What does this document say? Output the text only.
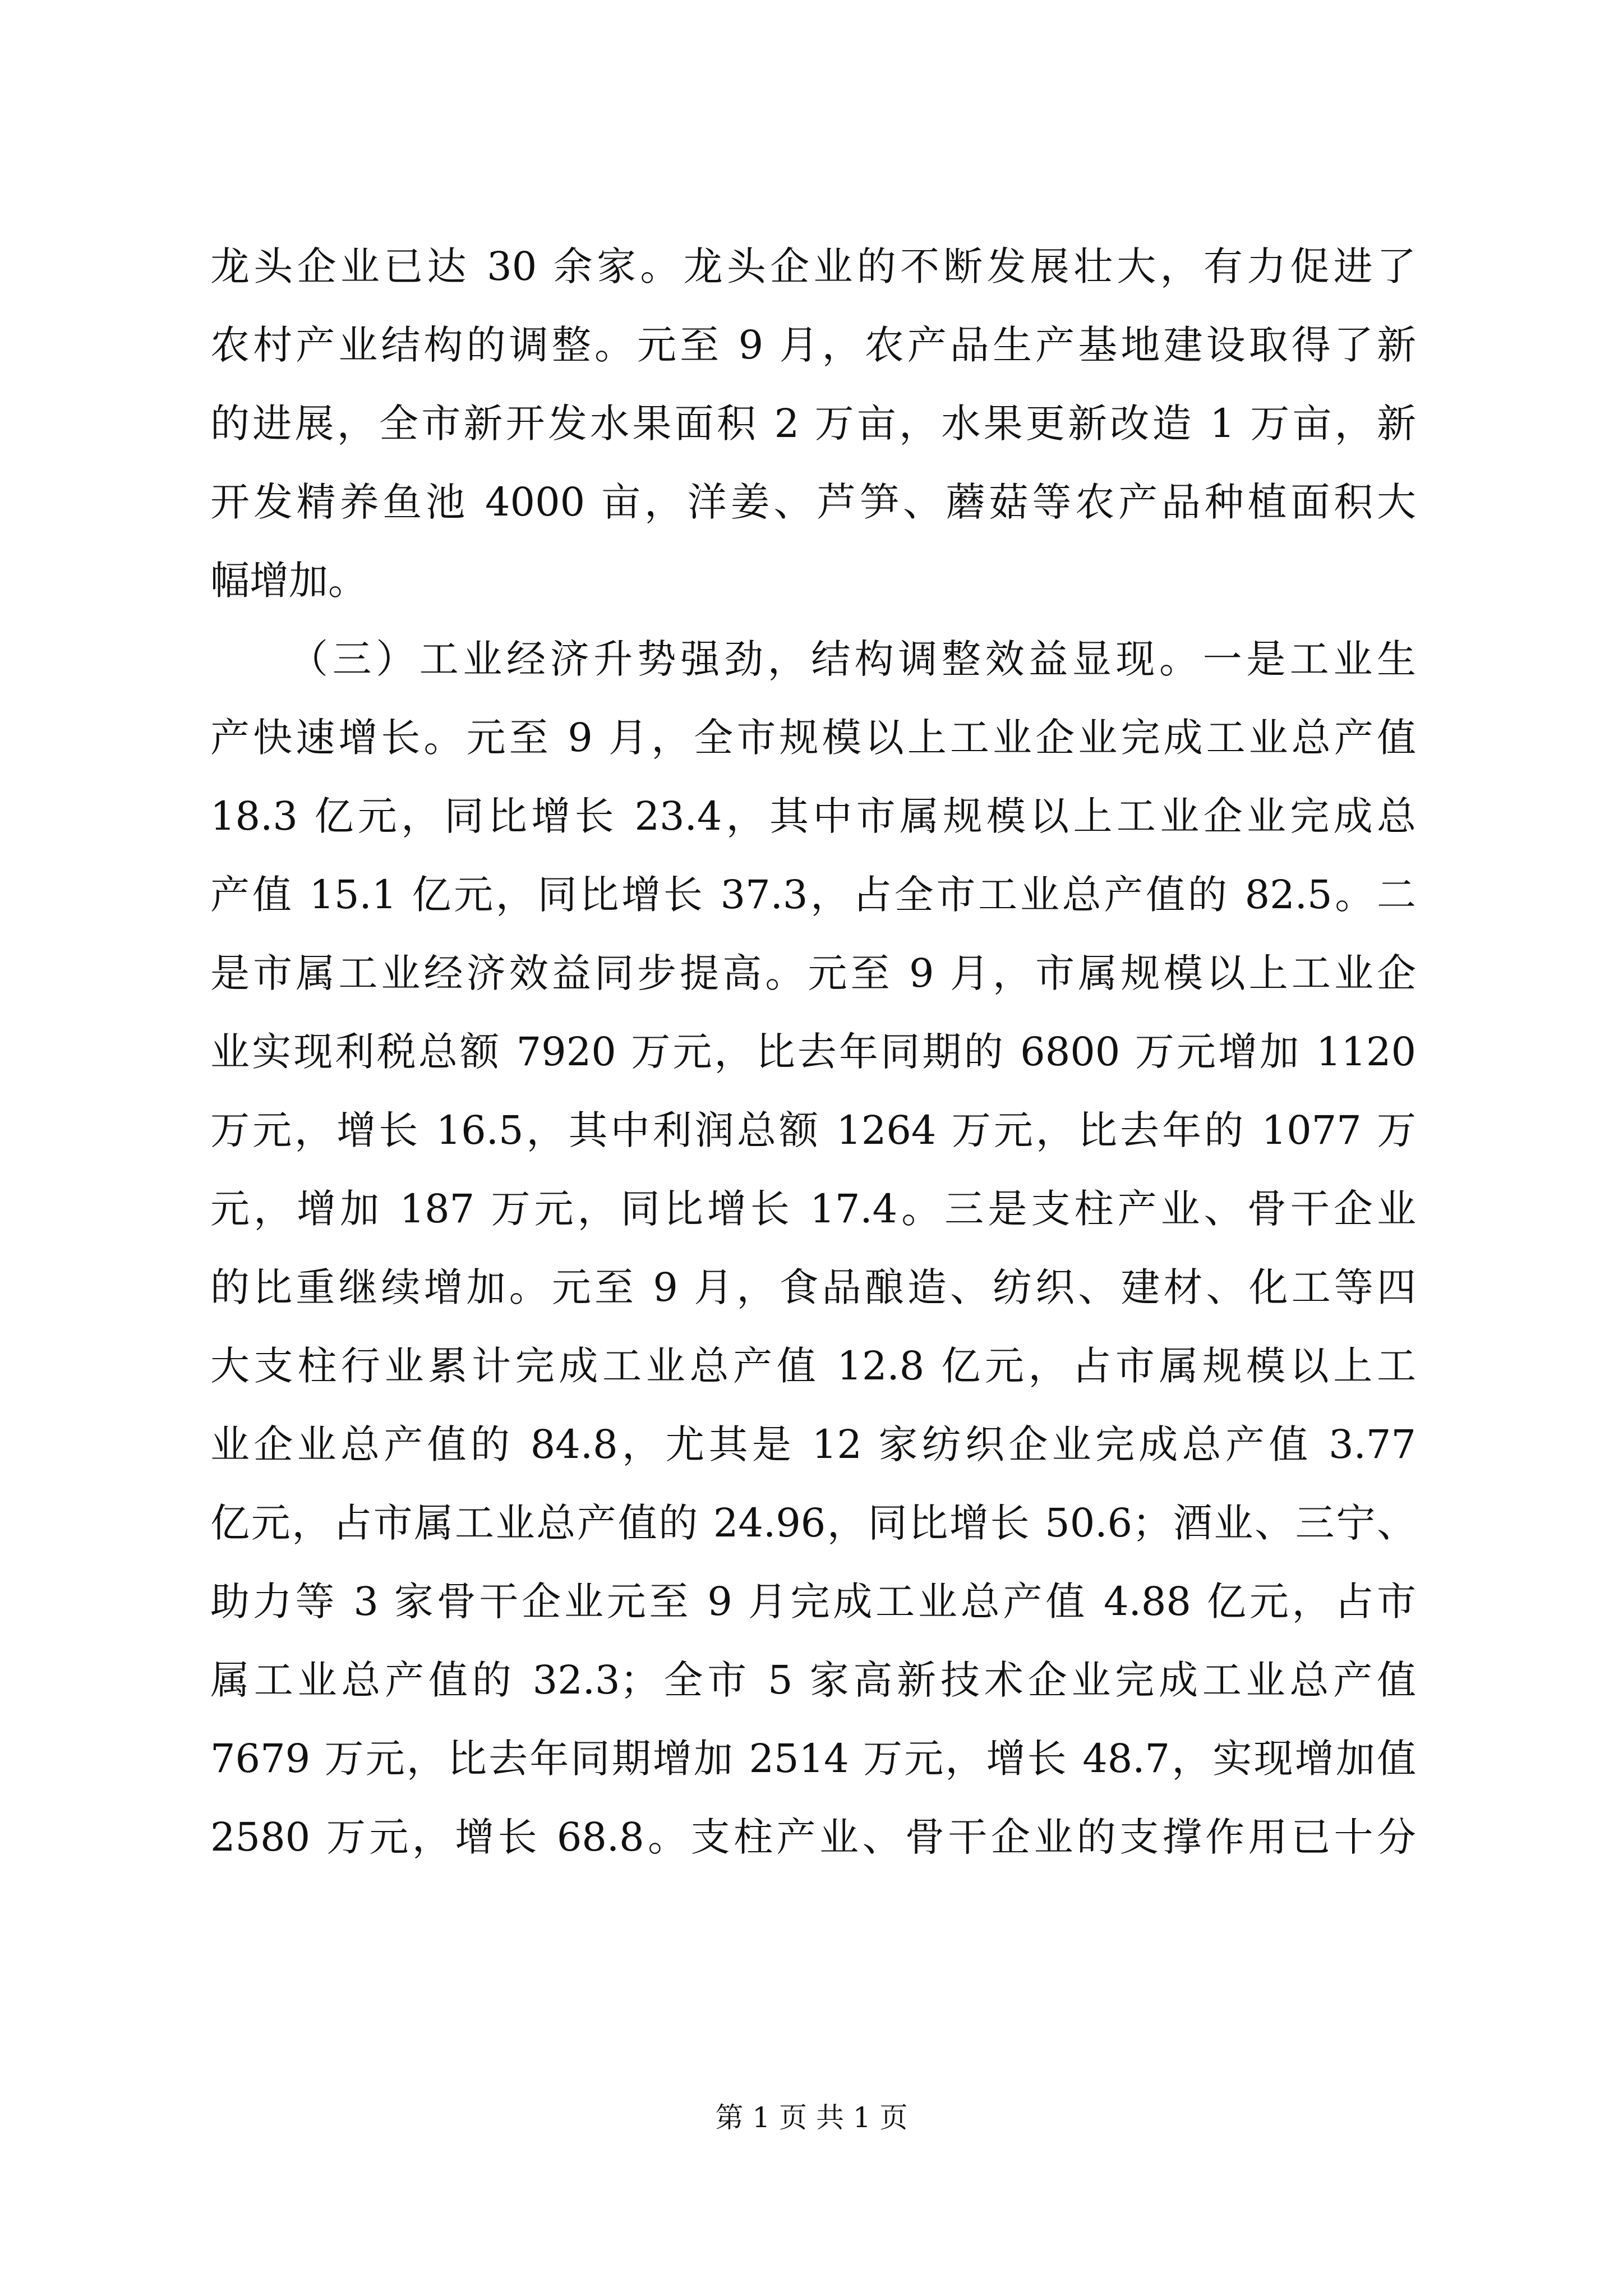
龙头企业已达 30 余家。龙头企业的不断发展壮大，有力促进了
农村产业结构的调整。元至 9 月，农产品生产基地建设取得了新
的进展，全市新开发水果面积 2 万亩，水果更新改造 1 万亩，新
开发精养鱼池 4000 亩，洋姜、芦笋、蘑菇等农产品种植面积大
幅增加。
（三）工业经济升势强劲，结构调整效益显现。一是工业生
产快速增长。元至 9 月，全市规模以上工业企业完成工业总产值
18.3 亿元，同比增长 23.4，其中市属规模以上工业企业完成总
产值 15.1 亿元，同比增长 37.3，占全市工业总产值的 82.5。二
是市属工业经济效益同步提高。元至 9 月，市属规模以上工业企
业实现利税总额 7920 万元，比去年同期的 6800 万元增加 1120
万元，增长 16.5，其中利润总额 1264 万元，比去年的 1077 万
元，增加 187 万元，同比增长 17.4。三是支柱产业、骨干企业
的比重继续增加。元至 9 月，食品酿造、纺织、建材、化工等四
大支柱行业累计完成工业总产值 12.8 亿元，占市属规模以上工
业企业总产值的 84.8，尤其是 12 家纺织企业完成总产值 3.77
亿元，占市属工业总产值的 24.96，同比增长 50.6；酒业、三宁、
助力等 3 家骨干企业元至 9 月完成工业总产值 4.88 亿元，占市
属工业总产值的 32.3；全市 5 家高新技术企业完成工业总产值
7679 万元，比去年同期增加 2514 万元，增长 48.7，实现增加值
2580 万元，增长 68.8。支柱产业、骨干企业的支撑作用已十分
第 1 页 共 1 页
